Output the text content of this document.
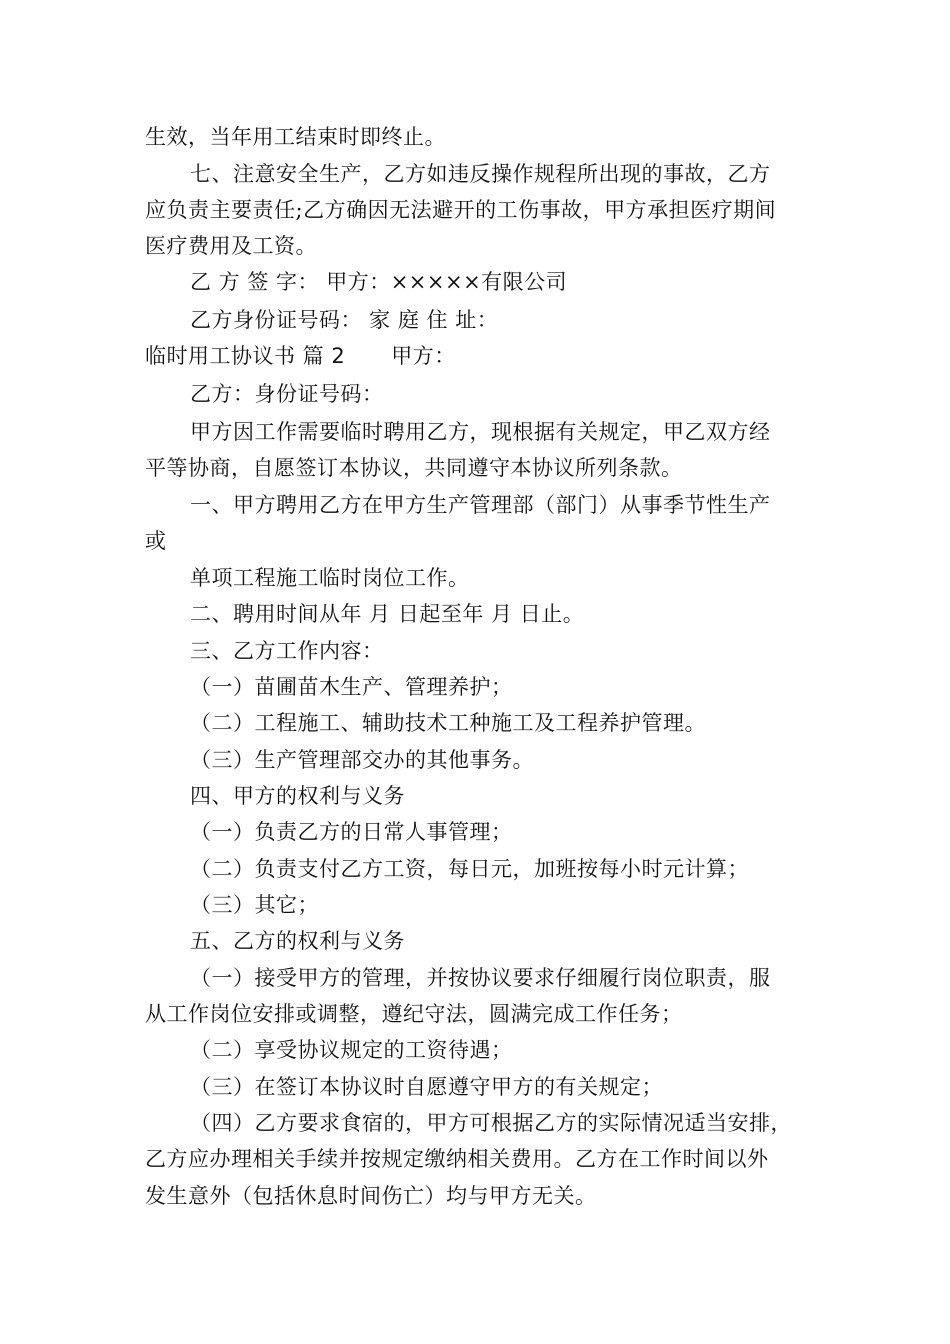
生效，当年用工结束时即终止。
七、注意安全生产，乙方如违反操作规程所出现的事故，乙方
应负责主要责任;乙方确因无法避开的工伤事故，甲方承担医疗期间
医疗费用及工资。
乙 方 签 字： 甲方：×××××有限公司
乙方身份证号码： 家 庭 住 址：
临时用工协议书 篇 2 甲方：
乙方：身份证号码：
甲方因工作需要临时聘用乙方，现根据有关规定，甲乙双方经
平等协商，自愿签订本协议，共同遵守本协议所列条款。
一、甲方聘用乙方在甲方生产管理部（部门）从事季节性生产
或
单项工程施工临时岗位工作。
二、聘用时间从年 月 日起至年 月 日止。
三、乙方工作内容：
（一）苗圃苗木生产、管理养护；
（二）工程施工、辅助技术工种施工及工程养护管理。
（三）生产管理部交办的其他事务。
四、甲方的权利与义务
（一）负责乙方的日常人事管理；
（二）负责支付乙方工资，每日元，加班按每小时元计算；
（三）其它；
五、乙方的权利与义务
（一）接受甲方的管理，并按协议要求仔细履行岗位职责，服
从工作岗位安排或调整，遵纪守法，圆满完成工作任务；
（二）享受协议规定的工资待遇；
（三）在签订本协议时自愿遵守甲方的有关规定；
（四）乙方要求食宿的，甲方可根据乙方的实际情况适当安排，
乙方应办理相关手续并按规定缴纳相关费用。乙方在工作时间以外
发生意外（包括休息时间伤亡）均与甲方无关。
